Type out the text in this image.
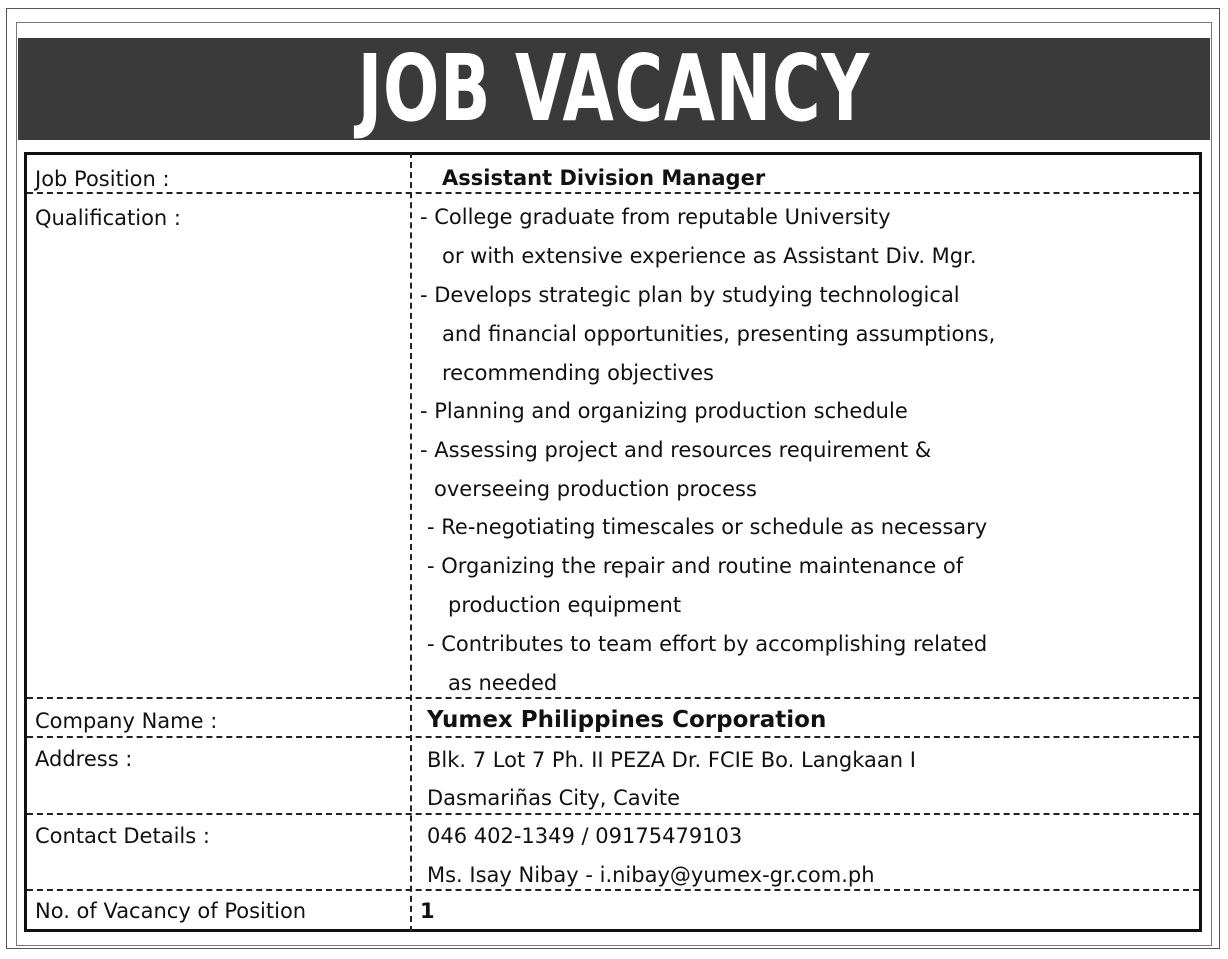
JOB VACANCY
Job Position :	Assistant Division Manager
Qualification :	- College graduate from reputable University
or with extensive experience as Assistant Div. Mgr.
- Develops strategic plan by studying technological
and financial opportunities, presenting assumptions,
recommending objectives
- Planning and organizing production schedule
- Assessing project and resources requirement &
overseeing production process
- Re-negotiating timescales or schedule as necessary
- Organizing the repair and routine maintenance of
production equipment
- Contributes to team effort by accomplishing related
as needed
Company Name :	Yumex Philippines Corporation
Address :	Blk. 7 Lot 7 Ph. II PEZA Dr. FCIE Bo. Langkaan I
Dasmariñas City, Cavite
Contact Details :	046 402-1349 / 09175479103
Ms. Isay Nibay - i.nibay@yumex-gr.com.ph
No. of Vacancy of Position	1
